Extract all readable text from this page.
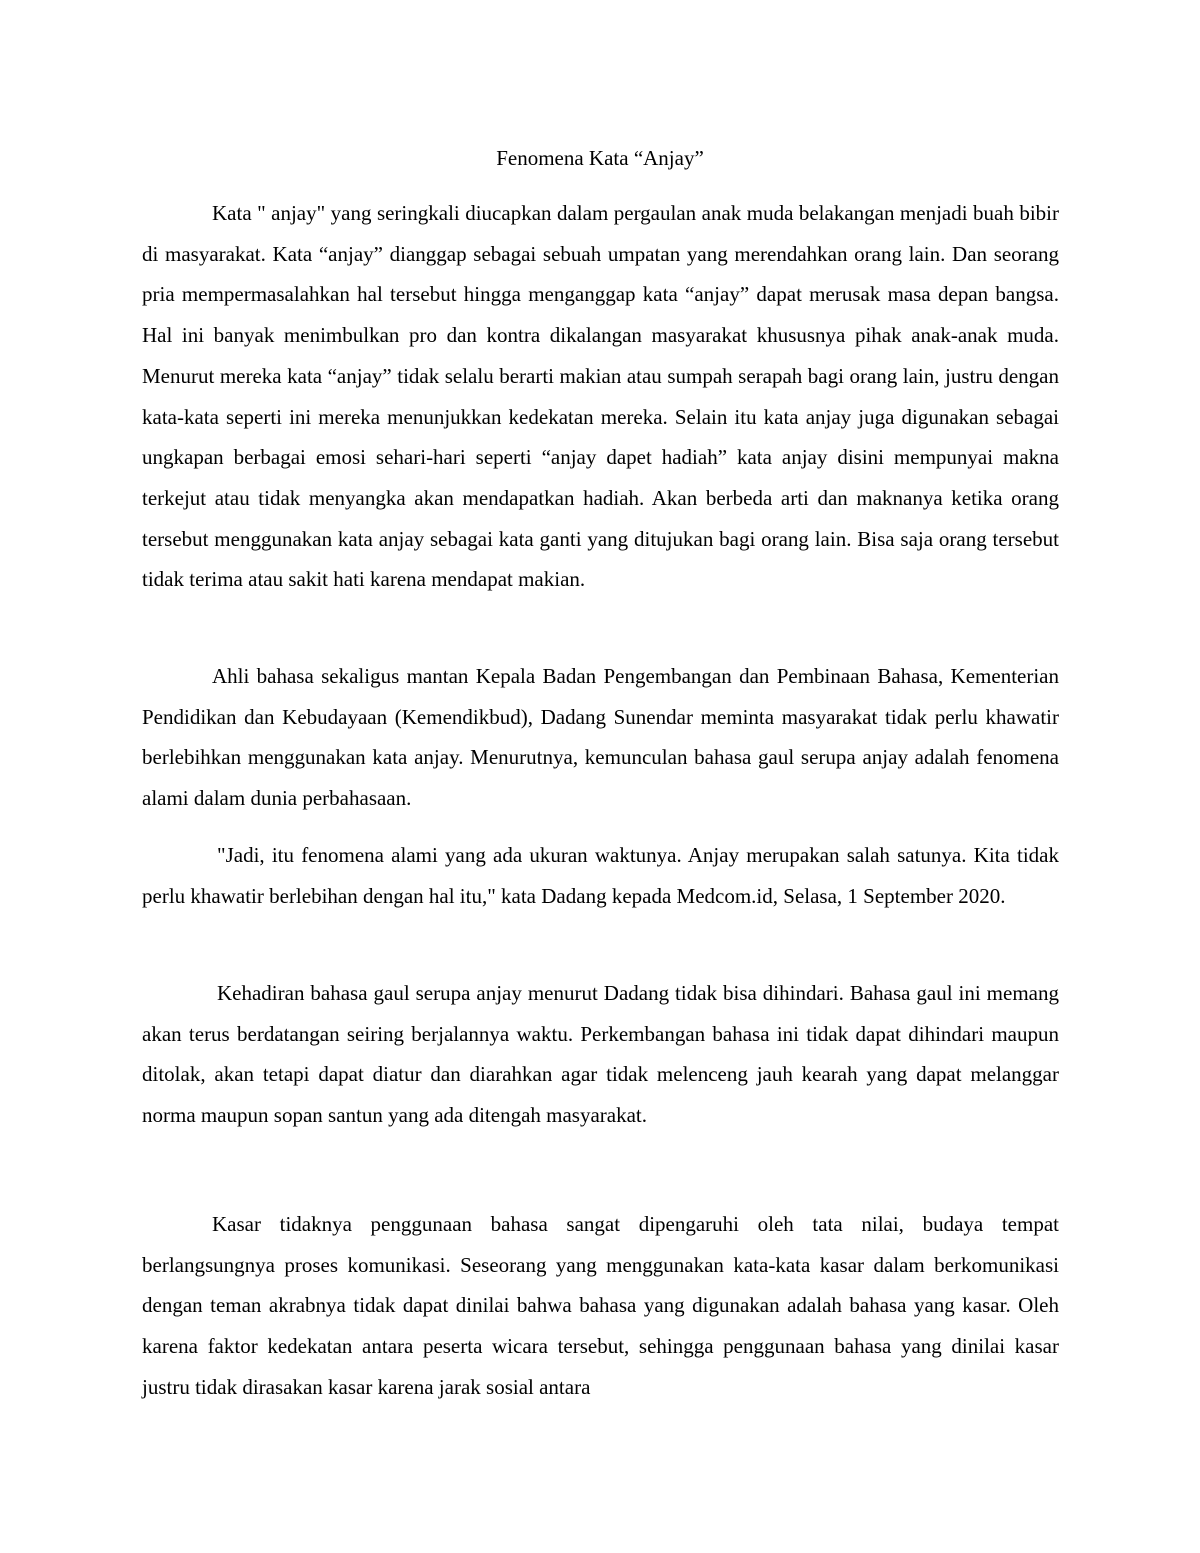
Fenomena Kata “Anjay”

Kata " anjay" yang seringkali diucapkan dalam pergaulan anak muda belakangan menjadi buah bibir di masyarakat. Kata “anjay” dianggap sebagai sebuah umpatan yang merendahkan orang lain. Dan seorang pria mempermasalahkan hal tersebut hingga menganggap kata “anjay” dapat merusak masa depan bangsa. Hal ini banyak menimbulkan pro dan kontra dikalangan masyarakat khususnya pihak anak-anak muda. Menurut mereka kata “anjay” tidak selalu berarti makian atau sumpah serapah bagi orang lain, justru dengan kata-kata seperti ini mereka menunjukkan kedekatan mereka. Selain itu kata anjay juga digunakan sebagai ungkapan berbagai emosi sehari-hari seperti “anjay dapet hadiah” kata anjay disini mempunyai makna terkejut atau tidak menyangka akan mendapatkan hadiah. Akan berbeda arti dan maknanya ketika orang tersebut menggunakan kata anjay sebagai kata ganti yang ditujukan bagi orang lain. Bisa saja orang tersebut tidak terima atau sakit hati karena mendapat makian.

Ahli bahasa sekaligus mantan Kepala Badan Pengembangan dan Pembinaan Bahasa, Kementerian Pendidikan dan Kebudayaan (Kemendikbud), Dadang Sunendar meminta masyarakat tidak perlu khawatir berlebihkan menggunakan kata anjay. Menurutnya, kemunculan bahasa gaul serupa anjay adalah fenomena alami dalam dunia perbahasaan.

"Jadi, itu fenomena alami yang ada ukuran waktunya. Anjay merupakan salah satunya. Kita tidak perlu khawatir berlebihan dengan hal itu," kata Dadang kepada Medcom.id, Selasa, 1 September 2020.

Kehadiran bahasa gaul serupa anjay menurut Dadang tidak bisa dihindari. Bahasa gaul ini memang akan terus berdatangan seiring berjalannya waktu. Perkembangan bahasa ini tidak dapat dihindari maupun ditolak, akan tetapi dapat diatur dan diarahkan agar tidak melenceng jauh kearah yang dapat melanggar norma maupun sopan santun yang ada ditengah masyarakat.

Kasar tidaknya penggunaan bahasa sangat dipengaruhi oleh tata nilai, budaya tempat berlangsungnya proses komunikasi. Seseorang yang menggunakan kata-kata kasar dalam berkomunikasi dengan teman akrabnya tidak dapat dinilai bahwa bahasa yang digunakan adalah bahasa yang kasar. Oleh karena faktor kedekatan antara peserta wicara tersebut, sehingga penggunaan bahasa yang dinilai kasar justru tidak dirasakan kasar karena jarak sosial antara
